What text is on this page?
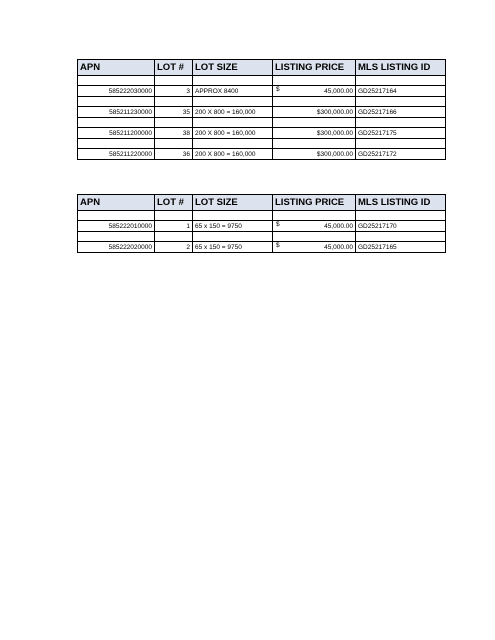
APN	LOT #	LOT SIZE	LISTING PRICE	MLS LISTING ID

585222030000	3	APPROX 8400	$ 45,000.00	GD25217164

585211230000	35	200 X 800 = 160,000	$300,000.00	GD25217166

585211200000	38	200 X 800 = 160,000	$300,000.00	GD25217175

585211220000	36	200 X 800 = 160,000	$300,000.00	GD25217172
APN	LOT #	LOT SIZE	LISTING PRICE	MLS LISTING ID

585222010000	1	65 x 150 = 9750	$ 45,000.00	GD25217170

585222020000	2	65 x 150 = 9750	$ 45,000.00	GD25217165
